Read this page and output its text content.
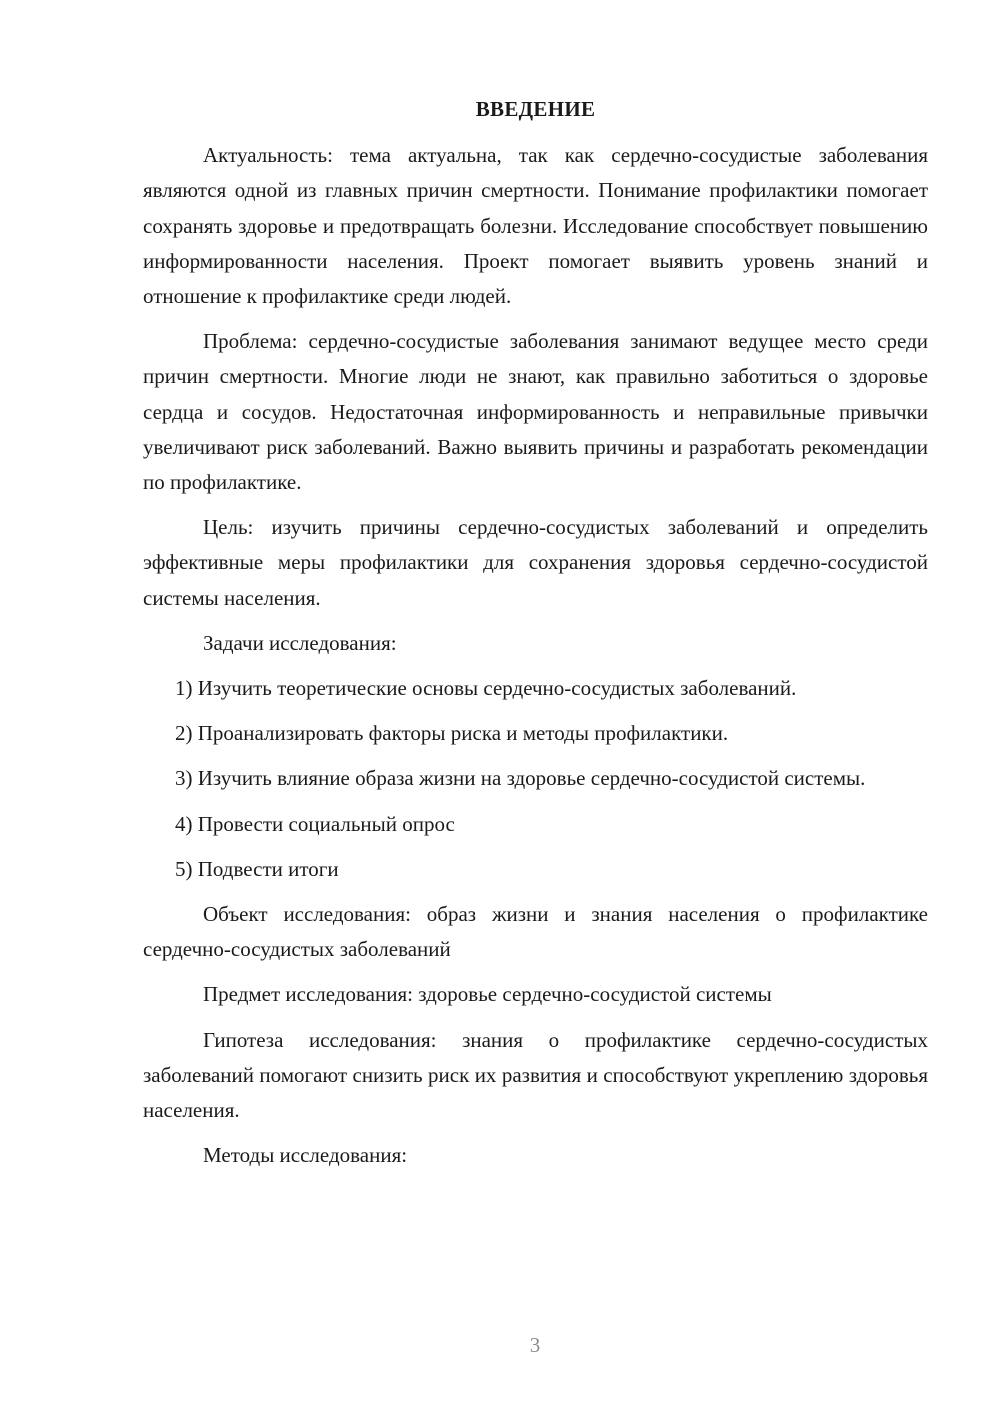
ВВЕДЕНИЕ

Актуальность: тема актуальна, так как сердечно-сосудистые заболевания являются одной из главных причин смертности. Понимание профилактики помогает сохранять здоровье и предотвращать болезни. Исследование способствует повышению информированности населения. Проект помогает выявить уровень знаний и отношение к профилактике среди людей.

Проблема: сердечно-сосудистые заболевания занимают ведущее место среди причин смертности. Многие люди не знают, как правильно заботиться о здоровье сердца и сосудов. Недостаточная информированность и неправильные привычки увеличивают риск заболеваний. Важно выявить причины и разработать рекомендации по профилактике.

Цель: изучить причины сердечно-сосудистых заболеваний и определить эффективные меры профилактики для сохранения здоровья сердечно-сосудистой системы населения.

Задачи исследования:

1) Изучить теоретические основы сердечно-сосудистых заболеваний.

2) Проанализировать факторы риска и методы профилактики.

3) Изучить влияние образа жизни на здоровье сердечно-сосудистой системы.

4) Провести социальный опрос

5) Подвести итоги

Объект исследования: образ жизни и знания населения о профилактике сердечно-сосудистых заболеваний

Предмет исследования: здоровье сердечно-сосудистой системы

Гипотеза исследования: знания о профилактике сердечно-сосудистых заболеваний помогают снизить риск их развития и способствуют укреплению здоровья населения.

Методы исследования:

3
